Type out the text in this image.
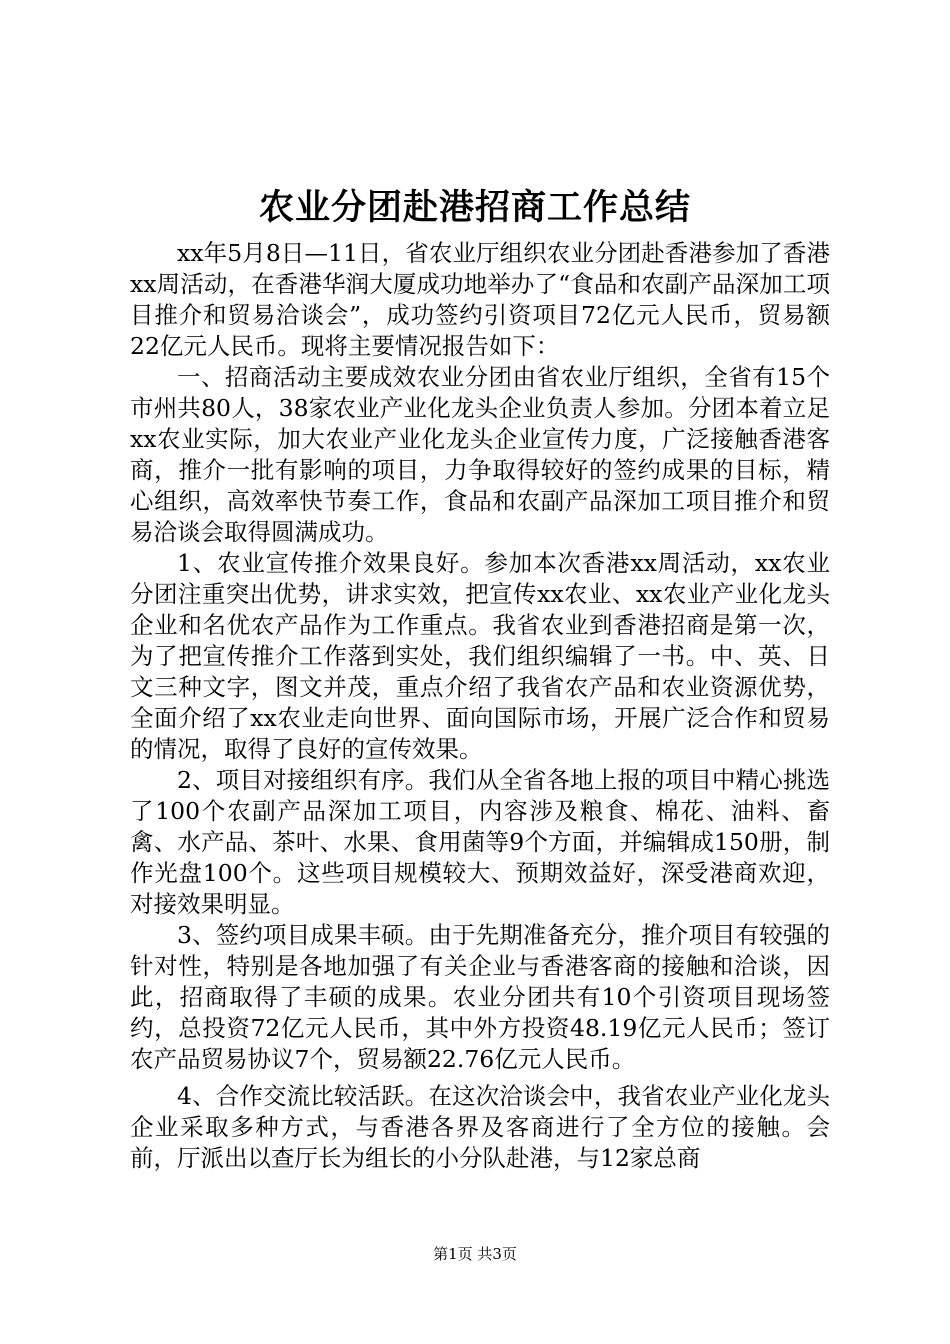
农业分团赴港招商工作总结

xx年5月8日—11日，省农业厅组织农业分团赴香港参加了香港xx周活动，在香港华润大厦成功地举办了“食品和农副产品深加工项目推介和贸易洽谈会”，成功签约引资项目72亿元人民币，贸易额22亿元人民币。现将主要情况报告如下：

一、招商活动主要成效农业分团由省农业厅组织，全省有15个市州共80人，38家农业产业化龙头企业负责人参加。分团本着立足xx农业实际，加大农业产业化龙头企业宣传力度，广泛接触香港客商，推介一批有影响的项目，力争取得较好的签约成果的目标，精心组织，高效率快节奏工作，食品和农副产品深加工项目推介和贸易洽谈会取得圆满成功。

1、农业宣传推介效果良好。参加本次香港xx周活动，xx农业分团注重突出优势，讲求实效，把宣传xx农业、xx农业产业化龙头企业和名优农产品作为工作重点。我省农业到香港招商是第一次，为了把宣传推介工作落到实处，我们组织编辑了一书。中、英、日文三种文字，图文并茂，重点介绍了我省农产品和农业资源优势，全面介绍了xx农业走向世界、面向国际市场，开展广泛合作和贸易的情况，取得了良好的宣传效果。

2、项目对接组织有序。我们从全省各地上报的项目中精心挑选了100个农副产品深加工项目，内容涉及粮食、棉花、油料、畜禽、水产品、茶叶、水果、食用菌等9个方面，并编辑成150册，制作光盘100个。这些项目规模较大、预期效益好，深受港商欢迎，对接效果明显。

3、签约项目成果丰硕。由于先期准备充分，推介项目有较强的针对性，特别是各地加强了有关企业与香港客商的接触和洽谈，因此，招商取得了丰硕的成果。农业分团共有10个引资项目现场签约，总投资72亿元人民币，其中外方投资48.19亿元人民币；签订农产品贸易协议7个，贸易额22.76亿元人民币。

4、合作交流比较活跃。在这次洽谈会中，我省农业产业化龙头企业采取多种方式，与香港各界及客商进行了全方位的接触。会前，厅派出以查厅长为组长的小分队赴港，与12家总商

第1页 共3页
